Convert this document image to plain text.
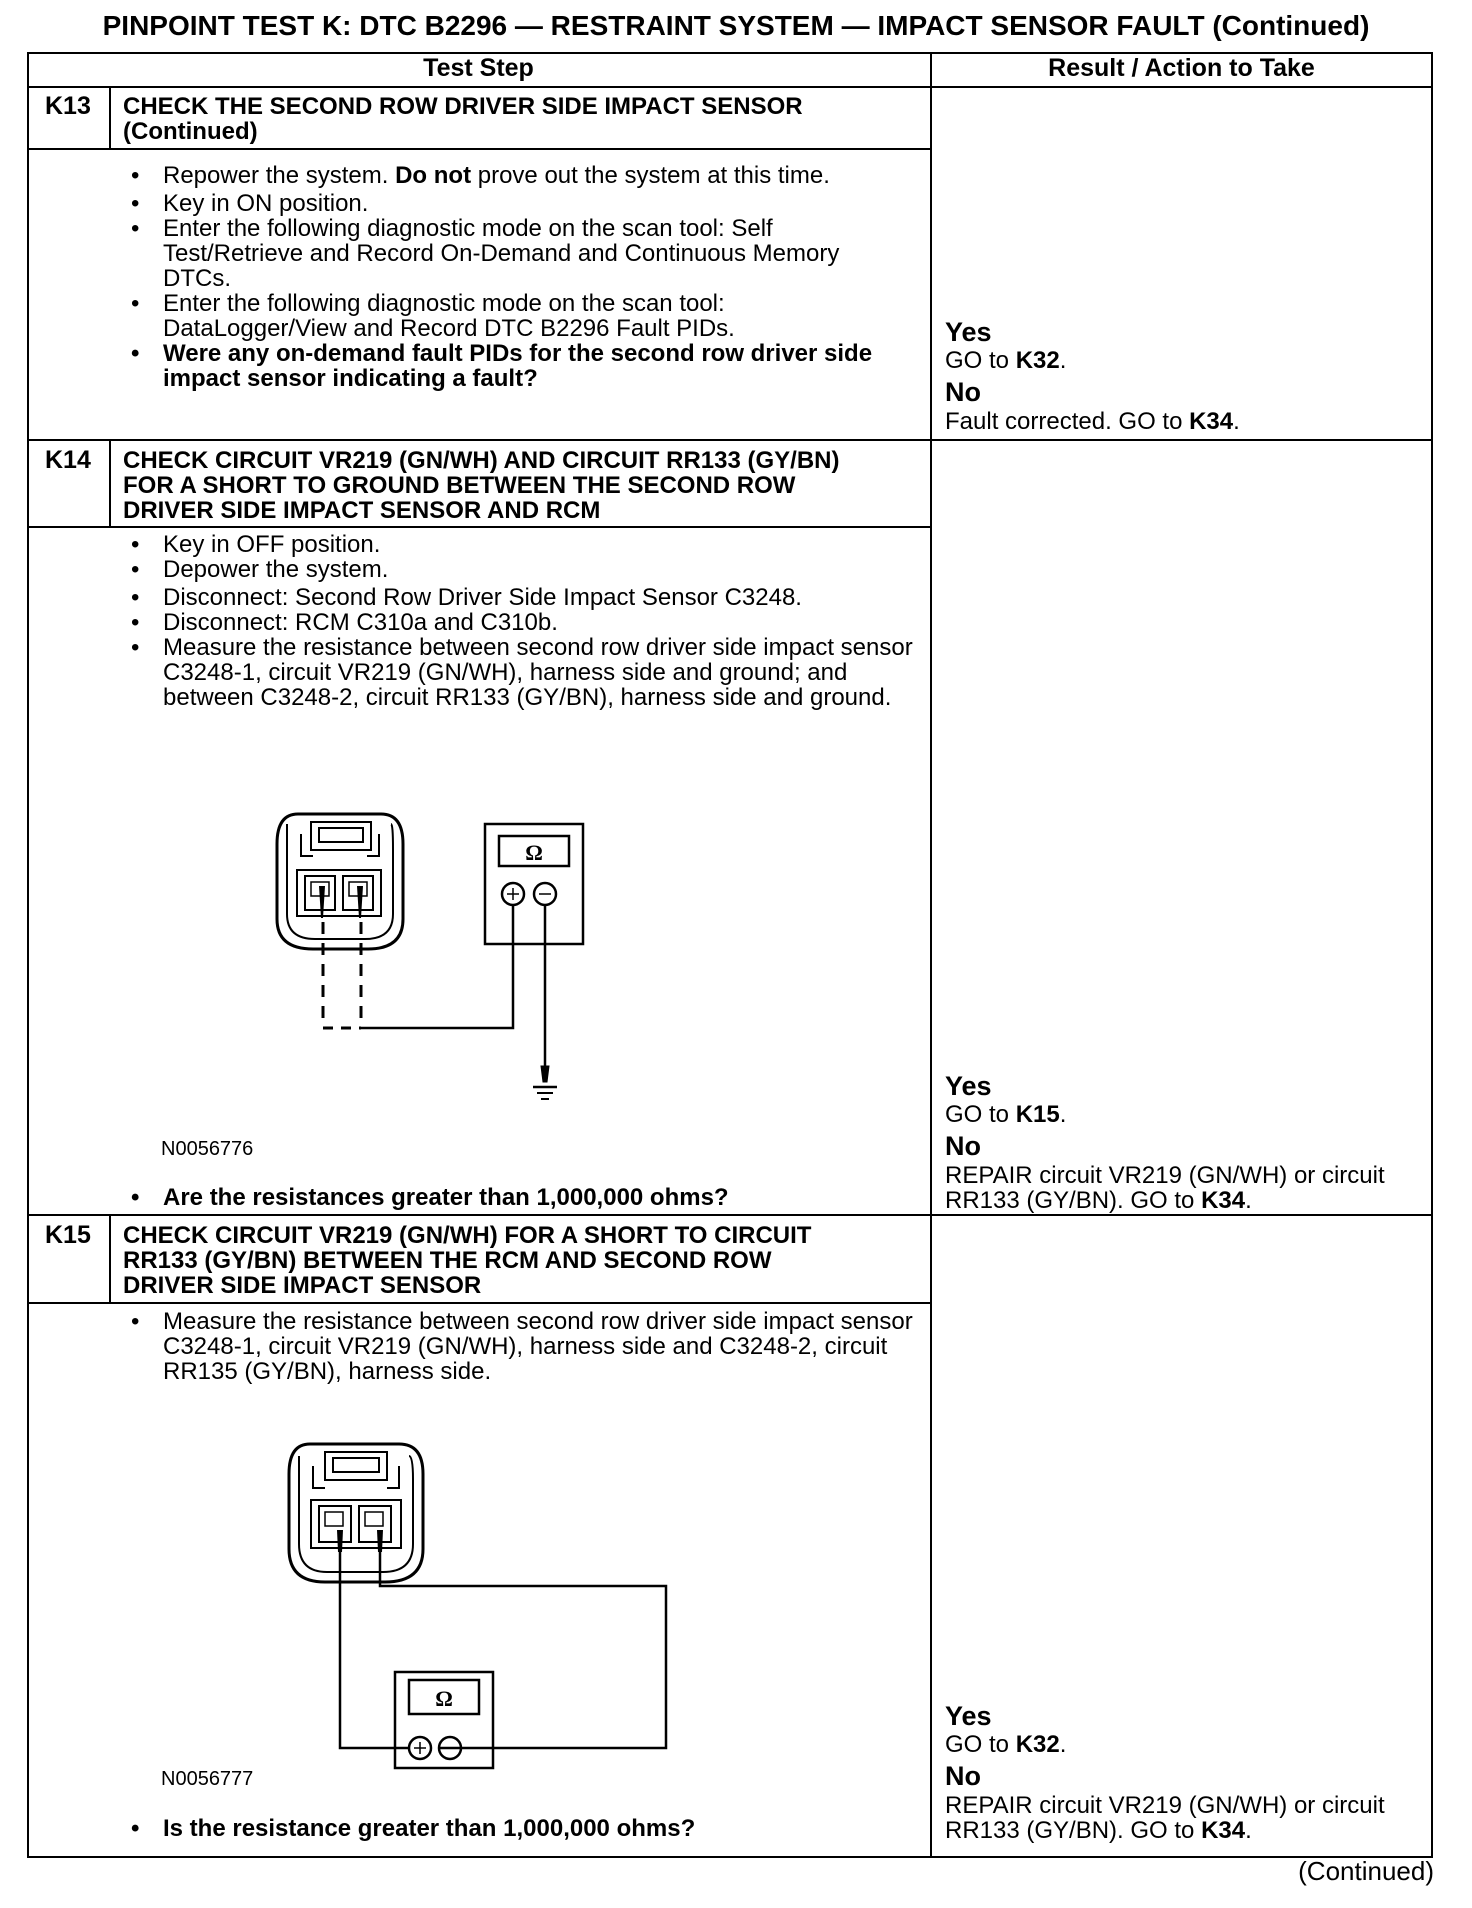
PINPOINT TEST K: DTC B2296 — RESTRAINT SYSTEM — IMPACT SENSOR FAULT (Continued)
Test Step	Result / Action to Take
K13 CHECK THE SECOND ROW DRIVER SIDE IMPACT SENSOR
(Continued)
• Repower the system. Do not prove out the system at this time.
• Key in ON position.
• Enter the following diagnostic mode on the scan tool: Self Test/Retrieve and Record On-Demand and Continuous Memory DTCs.
• Enter the following diagnostic mode on the scan tool: DataLogger/View and Record DTC B2296 Fault PIDs.
• Were any on-demand fault PIDs for the second row driver side impact sensor indicating a fault?
Yes
GO to K32.
No
Fault corrected. GO to K34.
K14 CHECK CIRCUIT VR219 (GN/WH) AND CIRCUIT RR133 (GY/BN)
FOR A SHORT TO GROUND BETWEEN THE SECOND ROW
DRIVER SIDE IMPACT SENSOR AND RCM
• Key in OFF position.
• Depower the system.
• Disconnect: Second Row Driver Side Impact Sensor C3248.
• Disconnect: RCM C310a and C310b.
• Measure the resistance between second row driver side impact sensor C3248-1, circuit VR219 (GN/WH), harness side and ground; and between C3248-2, circuit RR133 (GY/BN), harness side and ground.
Ω
N0056776
• Are the resistances greater than 1,000,000 ohms?
Yes
GO to K15.
No
REPAIR circuit VR219 (GN/WH) or circuit
RR133 (GY/BN). GO to K34.
K15 CHECK CIRCUIT VR219 (GN/WH) FOR A SHORT TO CIRCUIT
RR133 (GY/BN) BETWEEN THE RCM AND SECOND ROW
DRIVER SIDE IMPACT SENSOR
• Measure the resistance between second row driver side impact sensor C3248-1, circuit VR219 (GN/WH), harness side and C3248-2, circuit RR135 (GY/BN), harness side.
Ω
N0056777
• Is the resistance greater than 1,000,000 ohms?
Yes
GO to K32.
No
REPAIR circuit VR219 (GN/WH) or circuit
RR133 (GY/BN). GO to K34.
(Continued)
